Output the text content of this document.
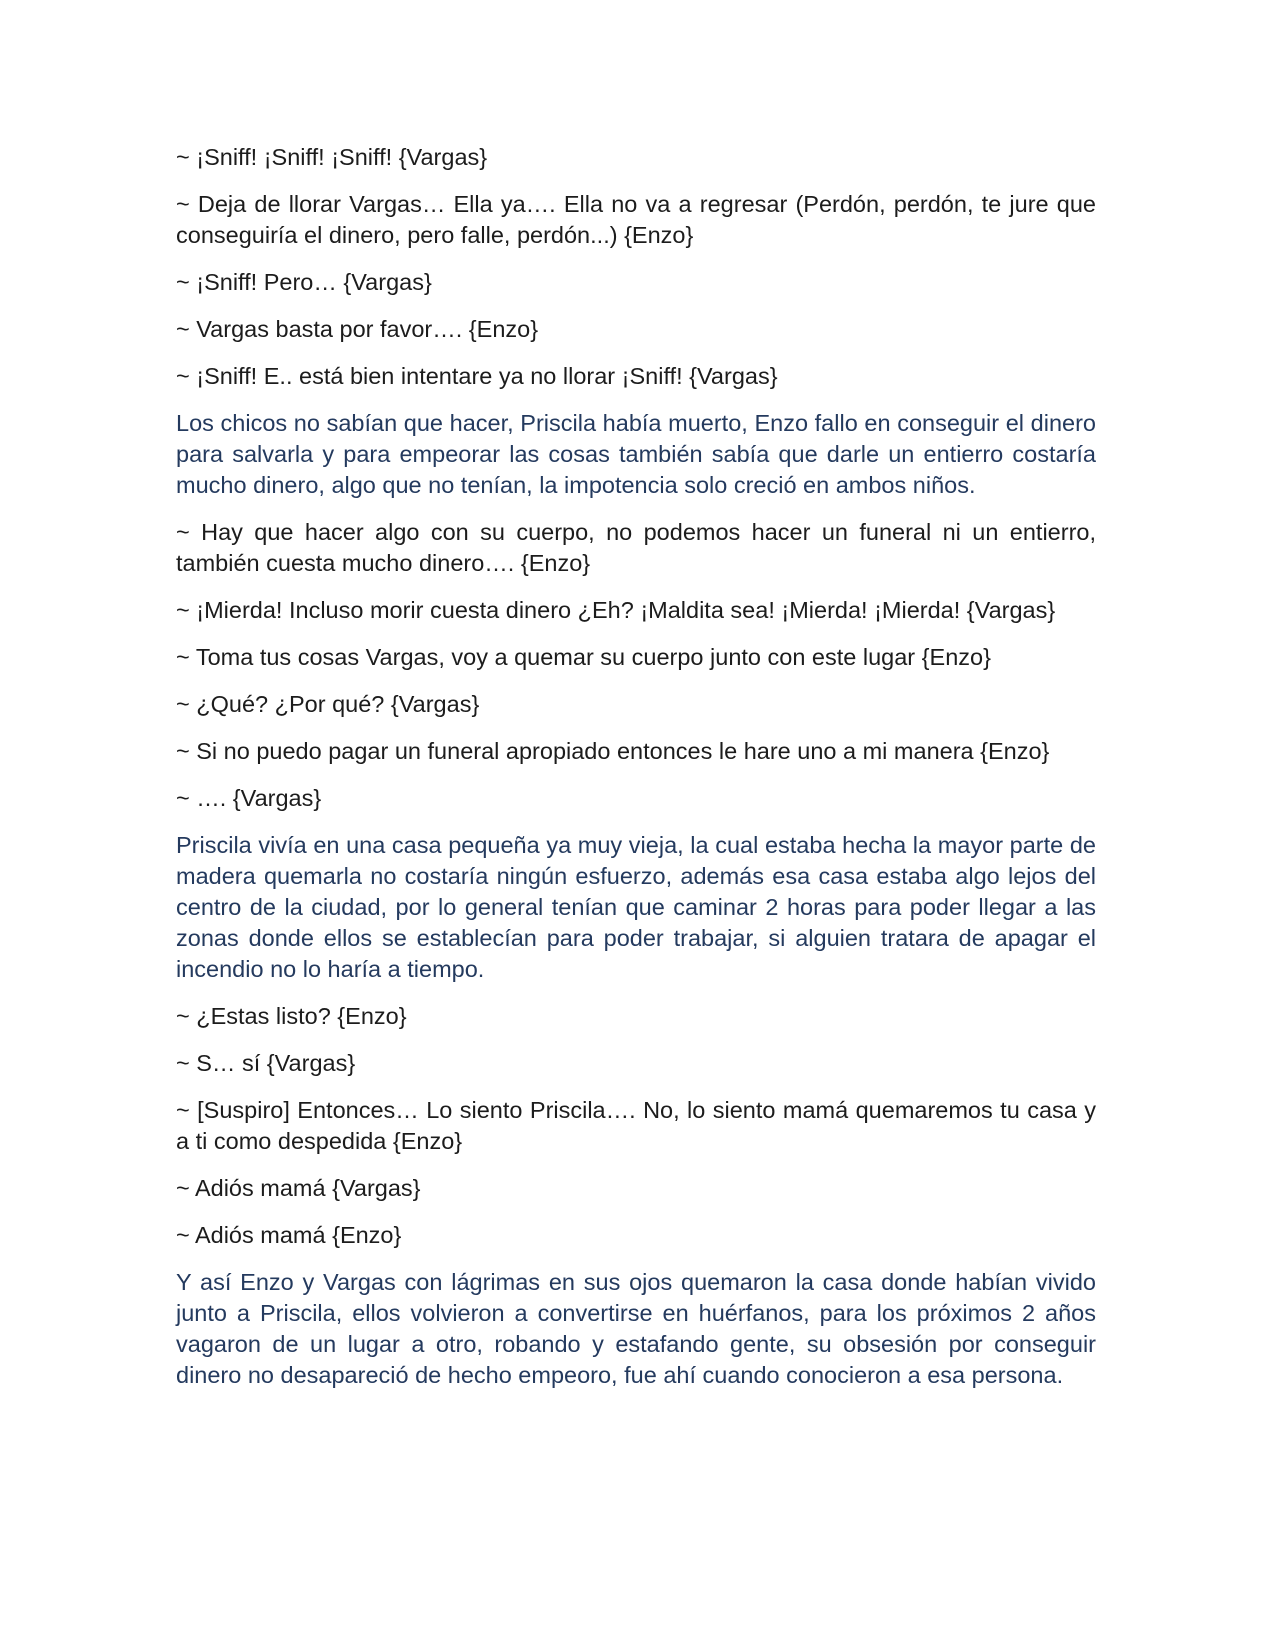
~ ¡Sniff! ¡Sniff! ¡Sniff! {Vargas}

~ Deja de llorar Vargas… Ella ya…. Ella no va a regresar (Perdón, perdón, te jure que conseguiría el dinero, pero falle, perdón...) {Enzo}

~ ¡Sniff! Pero… {Vargas}

~ Vargas basta por favor…. {Enzo}

~ ¡Sniff! E.. está bien intentare ya no llorar ¡Sniff! {Vargas}

Los chicos no sabían que hacer, Priscila había muerto, Enzo fallo en conseguir el dinero para salvarla y para empeorar las cosas también sabía que darle un entierro costaría mucho dinero, algo que no tenían, la impotencia solo creció en ambos niños.

~ Hay que hacer algo con su cuerpo, no podemos hacer un funeral ni un entierro, también cuesta mucho dinero…. {Enzo}

~ ¡Mierda! Incluso morir cuesta dinero ¿Eh? ¡Maldita sea! ¡Mierda! ¡Mierda! {Vargas}

~ Toma tus cosas Vargas, voy a quemar su cuerpo junto con este lugar {Enzo}

~ ¿Qué? ¿Por qué? {Vargas}

~ Si no puedo pagar un funeral apropiado entonces le hare uno a mi manera {Enzo}

~ …. {Vargas}

Priscila vivía en una casa pequeña ya muy vieja, la cual estaba hecha la mayor parte de madera quemarla no costaría ningún esfuerzo, además esa casa estaba algo lejos del centro de la ciudad, por lo general tenían que caminar 2 horas para poder llegar a las zonas donde ellos se establecían para poder trabajar, si alguien tratara de apagar el incendio no lo haría a tiempo.

~ ¿Estas listo? {Enzo}

~ S… sí {Vargas}

~ [Suspiro] Entonces… Lo siento Priscila…. No, lo siento mamá quemaremos tu casa y a ti como despedida {Enzo}

~ Adiós mamá {Vargas}

~ Adiós mamá {Enzo}

Y así Enzo y Vargas con lágrimas en sus ojos quemaron la casa donde habían vivido junto a Priscila, ellos volvieron a convertirse en huérfanos, para los próximos 2 años vagaron de un lugar a otro, robando y estafando gente, su obsesión por conseguir dinero no desapareció de hecho empeoro, fue ahí cuando conocieron a esa persona.
